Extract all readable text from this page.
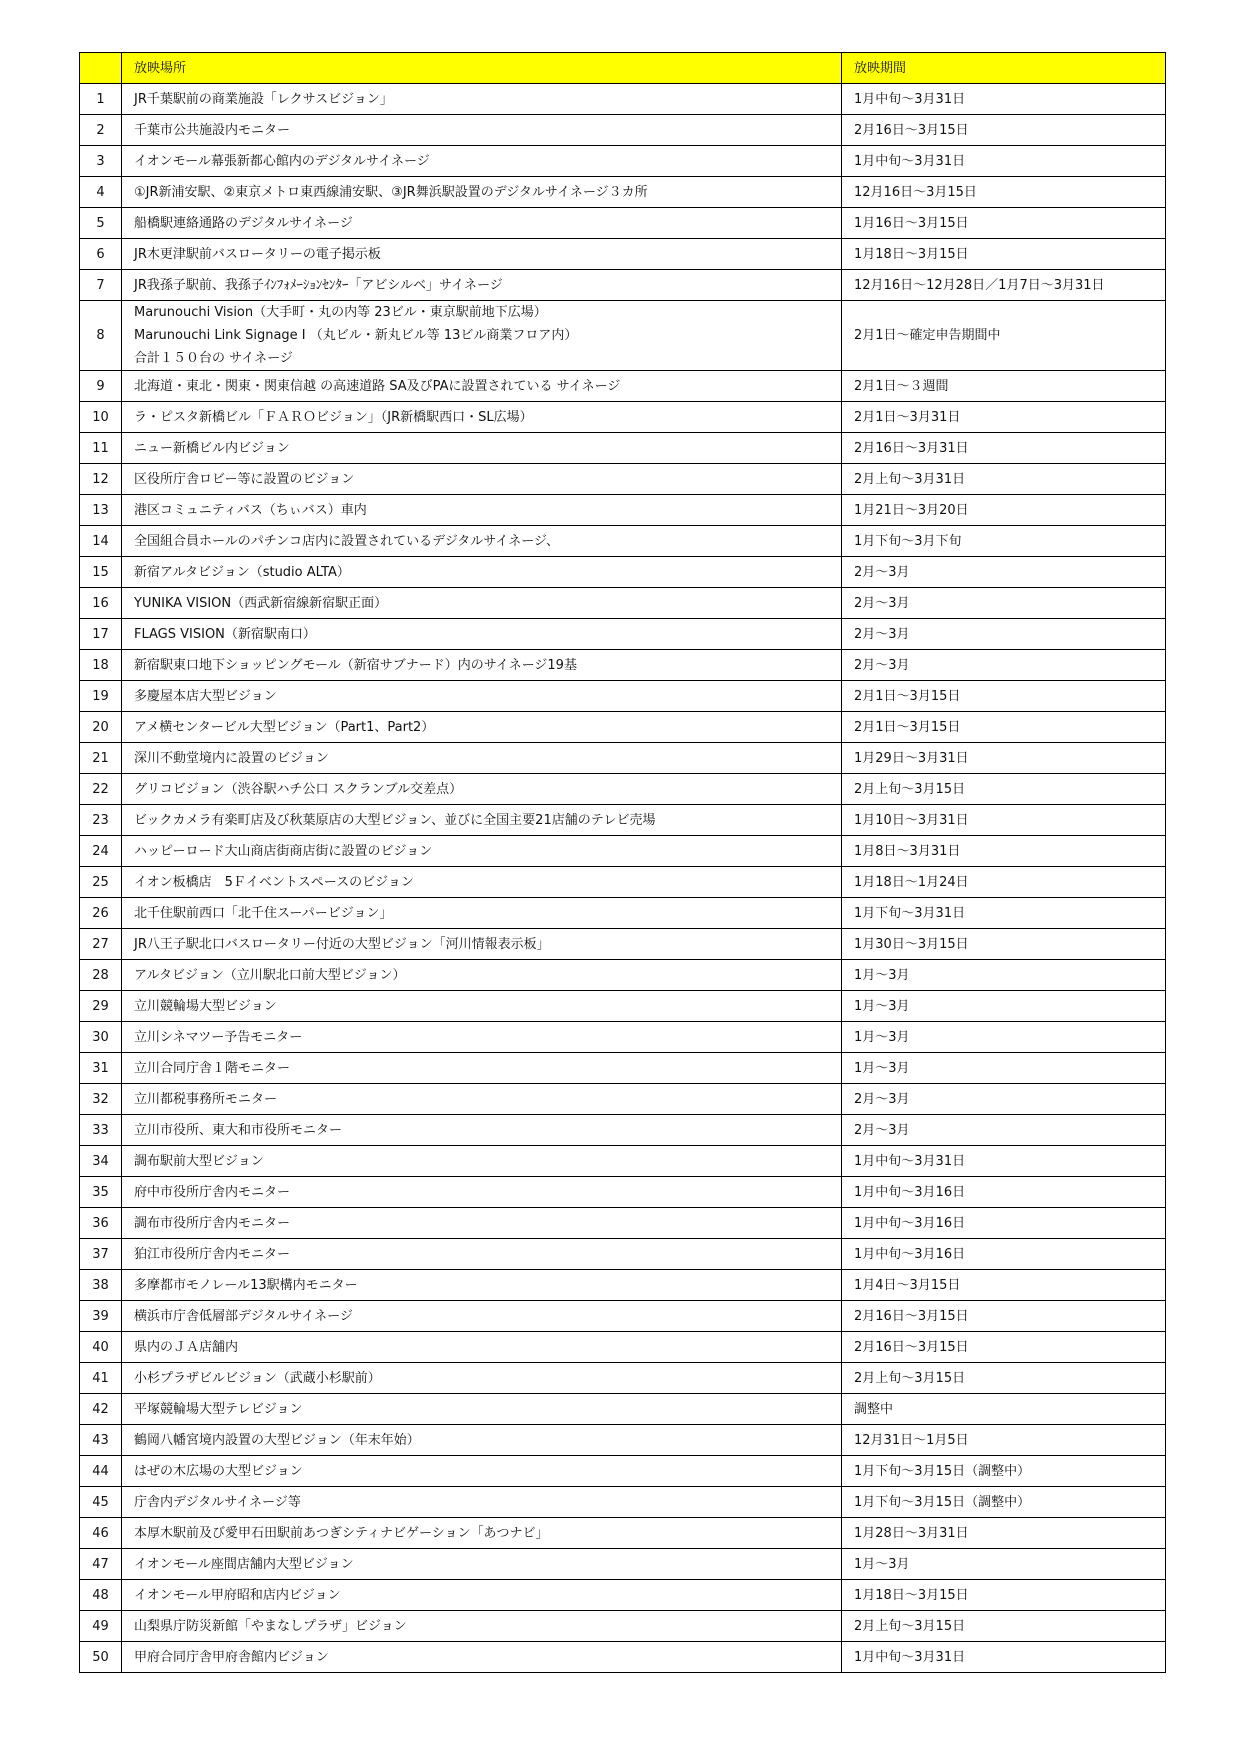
	放映場所	放映期間
1	JR千葉駅前の商業施設「レクサスビジョン」	1月中旬～3月31日
2	千葉市公共施設内モニター	2月16日～3月15日
3	イオンモール幕張新都心館内のデジタルサイネージ	1月中旬～3月31日
4	①JR新浦安駅、②東京メトロ東西線浦安駅、③JR舞浜駅設置のデジタルサイネージ３カ所	12月16日～3月15日
5	船橋駅連絡通路のデジタルサイネージ	1月16日～3月15日
6	JR木更津駅前バスロータリーの電子掲示板	1月18日～3月15日
7	JR我孫子駅前、我孫子ｲﾝﾌｫﾒｰｼｮﾝｾﾝﾀｰ「アビシルベ」サイネージ	12月16日～12月28日／1月7日～3月31日
8	Marunouchi Vision（大手町・丸の内等 23ビル・東京駅前地下広場）
Marunouchi Link Signage I （丸ビル・新丸ビル等 13ビル商業フロア内）
合計１５０台の サイネージ	2月1日～確定申告期間中
9	北海道・東北・関東・関東信越 の高速道路 SA及びPAに設置されている サイネージ	2月1日～３週間
10	ラ・ピスタ新橋ビル「ＦＡＲＯビジョン」（JR新橋駅西口・SL広場）	2月1日～3月31日
11	ニュー新橋ビル内ビジョン	2月16日～3月31日
12	区役所庁舎ロビー等に設置のビジョン	2月上旬～3月31日
13	港区コミュニティバス（ちぃバス）車内	1月21日～3月20日
14	全国組合員ホールのパチンコ店内に設置されているデジタルサイネージ、	1月下旬～3月下旬
15	新宿アルタビジョン（studio ALTA）	2月～3月
16	YUNIKA VISION（西武新宿線新宿駅正面）	2月～3月
17	FLAGS VISION（新宿駅南口）	2月～3月
18	新宿駅東口地下ショッピングモール（新宿サブナード）内のサイネージ19基	2月～3月
19	多慶屋本店大型ビジョン	2月1日～3月15日
20	アメ横センタービル大型ビジョン（Part1、Part2）	2月1日～3月15日
21	深川不動堂境内に設置のビジョン	1月29日～3月31日
22	グリコビジョン（渋谷駅ハチ公口 スクランブル交差点）	2月上旬～3月15日
23	ビックカメラ有楽町店及び秋葉原店の大型ビジョン、並びに全国主要21店舗のテレビ売場	1月10日～3月31日
24	ハッピーロード大山商店街商店街に設置のビジョン	1月8日～3月31日
25	イオン板橋店　5Ｆイベントスペースのビジョン	1月18日～1月24日
26	北千住駅前西口「北千住スーパービジョン」	1月下旬～3月31日
27	JR八王子駅北口バスロータリー付近の大型ビジョン「河川情報表示板」	1月30日～3月15日
28	アルタビジョン（立川駅北口前大型ビジョン）	1月～3月
29	立川競輪場大型ビジョン	1月～3月
30	立川シネマツー予告モニター	1月～3月
31	立川合同庁舎１階モニター	1月～3月
32	立川都税事務所モニター	2月～3月
33	立川市役所、東大和市役所モニター	2月～3月
34	調布駅前大型ビジョン	1月中旬～3月31日
35	府中市役所庁舎内モニター	1月中旬～3月16日
36	調布市役所庁舎内モニター	1月中旬～3月16日
37	狛江市役所庁舎内モニター	1月中旬～3月16日
38	多摩都市モノレール13駅構内モニター	1月4日～3月15日
39	横浜市庁舎低層部デジタルサイネージ	2月16日～3月15日
40	県内のＪＡ店舗内	2月16日～3月15日
41	小杉プラザビルビジョン（武蔵小杉駅前）	2月上旬～3月15日
42	平塚競輪場大型テレビジョン	調整中
43	鶴岡八幡宮境内設置の大型ビジョン（年末年始）	12月31日～1月5日
44	はぜの木広場の大型ビジョン	1月下旬～3月15日（調整中）
45	庁舎内デジタルサイネージ等	1月下旬～3月15日（調整中）
46	本厚木駅前及び愛甲石田駅前あつぎシティナビゲーション「あつナビ」	1月28日～3月31日
47	イオンモール座間店舗内大型ビジョン	1月～3月
48	イオンモール甲府昭和店内ビジョン	1月18日～3月15日
49	山梨県庁防災新館「やまなしプラザ」ビジョン	2月上旬～3月15日
50	甲府合同庁舎甲府舎館内ビジョン	1月中旬～3月31日
